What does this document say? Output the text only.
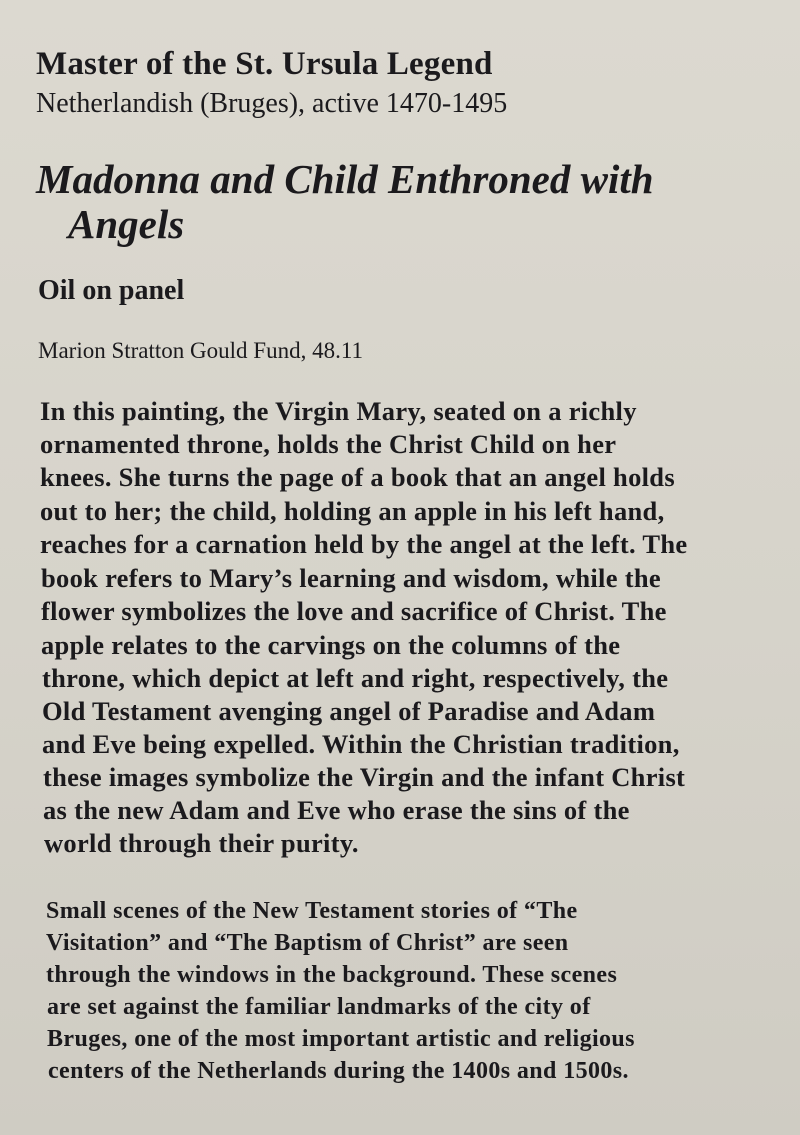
Master of the St. Ursula Legend

Netherlandish (Bruges), active 1470-1495

Madonna and Child Enthroned with

Angels

Oil on panel

Marion Stratton Gould Fund, 48.11

In this painting, the Virgin Mary, seated on a richly

ornamented throne, holds the Christ Child on her

knees. She turns the page of a book that an angel holds

out to her; the child, holding an apple in his left hand,

reaches for a carnation held by the angel at the left. The

book refers to Mary’s learning and wisdom, while the

flower symbolizes the love and sacrifice of Christ. The

apple relates to the carvings on the columns of the

throne, which depict at left and right, respectively, the

Old Testament avenging angel of Paradise and Adam

and Eve being expelled. Within the Christian tradition,

these images symbolize the Virgin and the infant Christ

as the new Adam and Eve who erase the sins of the

world through their purity.

Small scenes of the New Testament stories of “The

Visitation” and “The Baptism of Christ” are seen

through the windows in the background. These scenes

are set against the familiar landmarks of the city of

Bruges, one of the most important artistic and religious

centers of the Netherlands during the 1400s and 1500s.
